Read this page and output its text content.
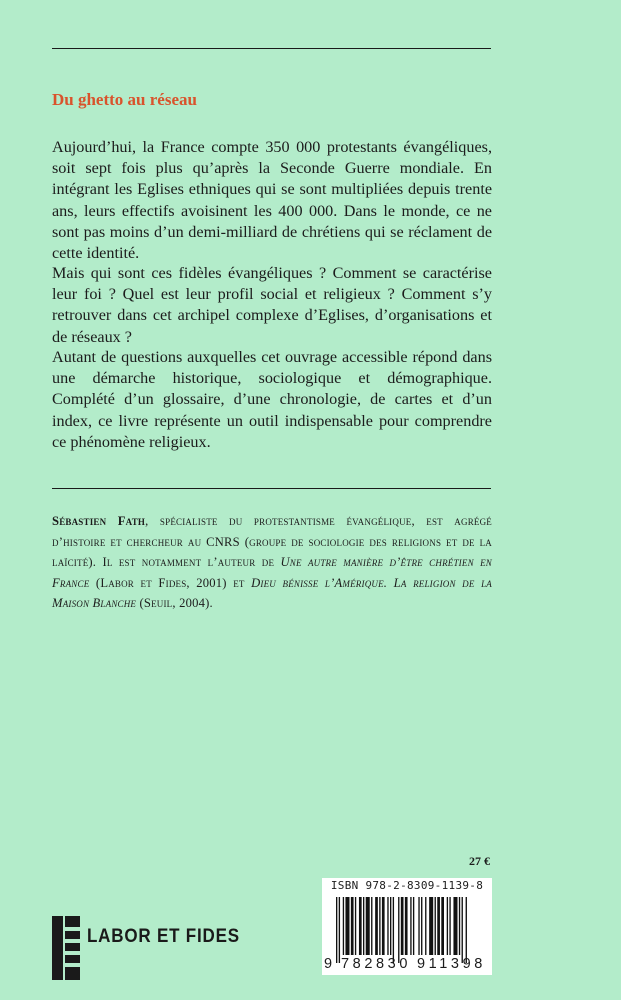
Du ghetto au réseau

Aujourd’hui, la France compte 350 000 protestants évangéliques, soit sept fois plus qu’après la Seconde Guerre mondiale. En intégrant les Eglises ethniques qui se sont multipliées depuis trente ans, leurs effectifs avoisinent les 400 000. Dans le monde, ce ne sont pas moins d’un demi-milliard de chrétiens qui se réclament de cette identité.

Mais qui sont ces fidèles évangéliques ? Comment se caractérise leur foi ? Quel est leur profil social et religieux ? Comment s’y retrouver dans cet archipel complexe d’Eglises, d’organisations et de réseaux ?

Autant de questions auxquelles cet ouvrage accessible répond dans une démarche historique, sociologique et démographique. Complété d’un glossaire, d’une chronologie, de cartes et d’un index, ce livre représente un outil indispensable pour comprendre ce phénomène religieux.

Sébastien Fath, spécialiste du protestantisme évangélique, est agrégé d’histoire et chercheur au CNRS (groupe de sociologie des religions et de la laïcité). Il est notamment l’auteur de Une autre manière d’être chrétien en France (Labor et Fides, 2001) et Dieu bénisse l’Amérique. La religion de la Maison Blanche (Seuil, 2004).

27 €
ISBN 978-2-8309-1139-8
9 782830 911398
LABOR ET FIDES
